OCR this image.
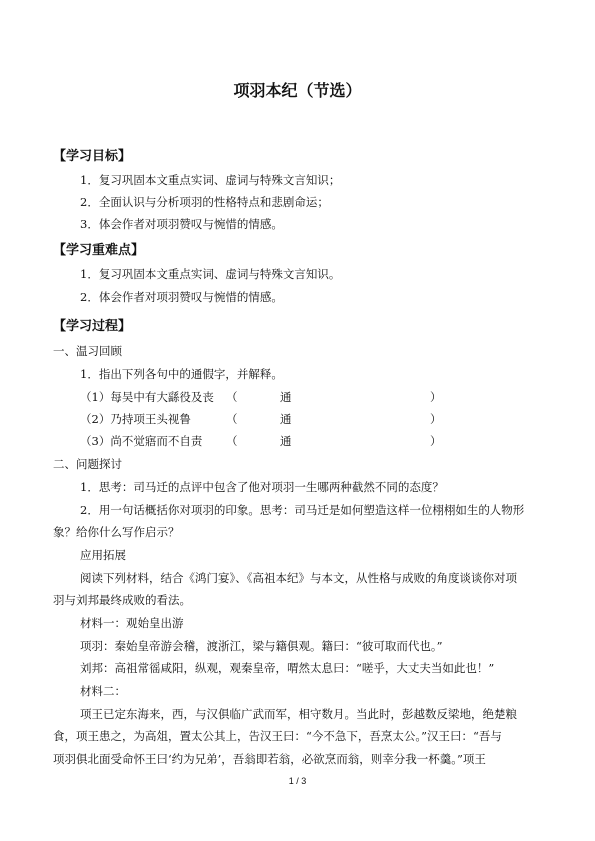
项羽本纪（节选）
【学习目标】
1．复习巩固本文重点实词、虚词与特殊文言知识；
2．全面认识与分析项羽的性格特点和悲剧命运；
3．体会作者对项羽赞叹与惋惜的情感。
【学习重难点】
1．复习巩固本文重点实词、虚词与特殊文言知识。
2．体会作者对项羽赞叹与惋惜的情感。
【学习过程】
一、温习回顾
1．指出下列各句中的通假字，并解释。
（1）每吴中有大繇役及丧 （	通	）
（2）乃持项王头视鲁	（	通	）
（3）尚不觉寤而不自责 （	通	）
二、问题探讨
1．思考：司马迁的点评中包含了他对项羽一生哪两种截然不同的态度？
2．用一句话概括你对项羽的印象。思考：司马迁是如何塑造这样一位栩栩如生的人物形
象？给你什么写作启示？
应用拓展
阅读下列材料，结合《鸿门宴》、《高祖本纪》与本文，从性格与成败的角度谈谈你对项
羽与刘邦最终成败的看法。
材料一：观始皇出游
项羽：秦始皇帝游会稽，渡浙江，梁与籍俱观。籍曰：“彼可取而代也。”
刘邦：高祖常徭咸阳，纵观，观秦皇帝，喟然太息曰：“嗟乎，大丈夫当如此也！”
材料二：
项王已定东海来，西，与汉俱临广武而军，相守数月。当此时，彭越数反梁地，绝楚粮
食，项王患之，为高俎，置太公其上，告汉王曰：“今不急下，吾烹太公。”汉王曰：“吾与
项羽俱北面受命怀王曰‘约为兄弟’，吾翁即若翁，必欲烹而翁，则幸分我一杯羹。”项王
1 / 3
